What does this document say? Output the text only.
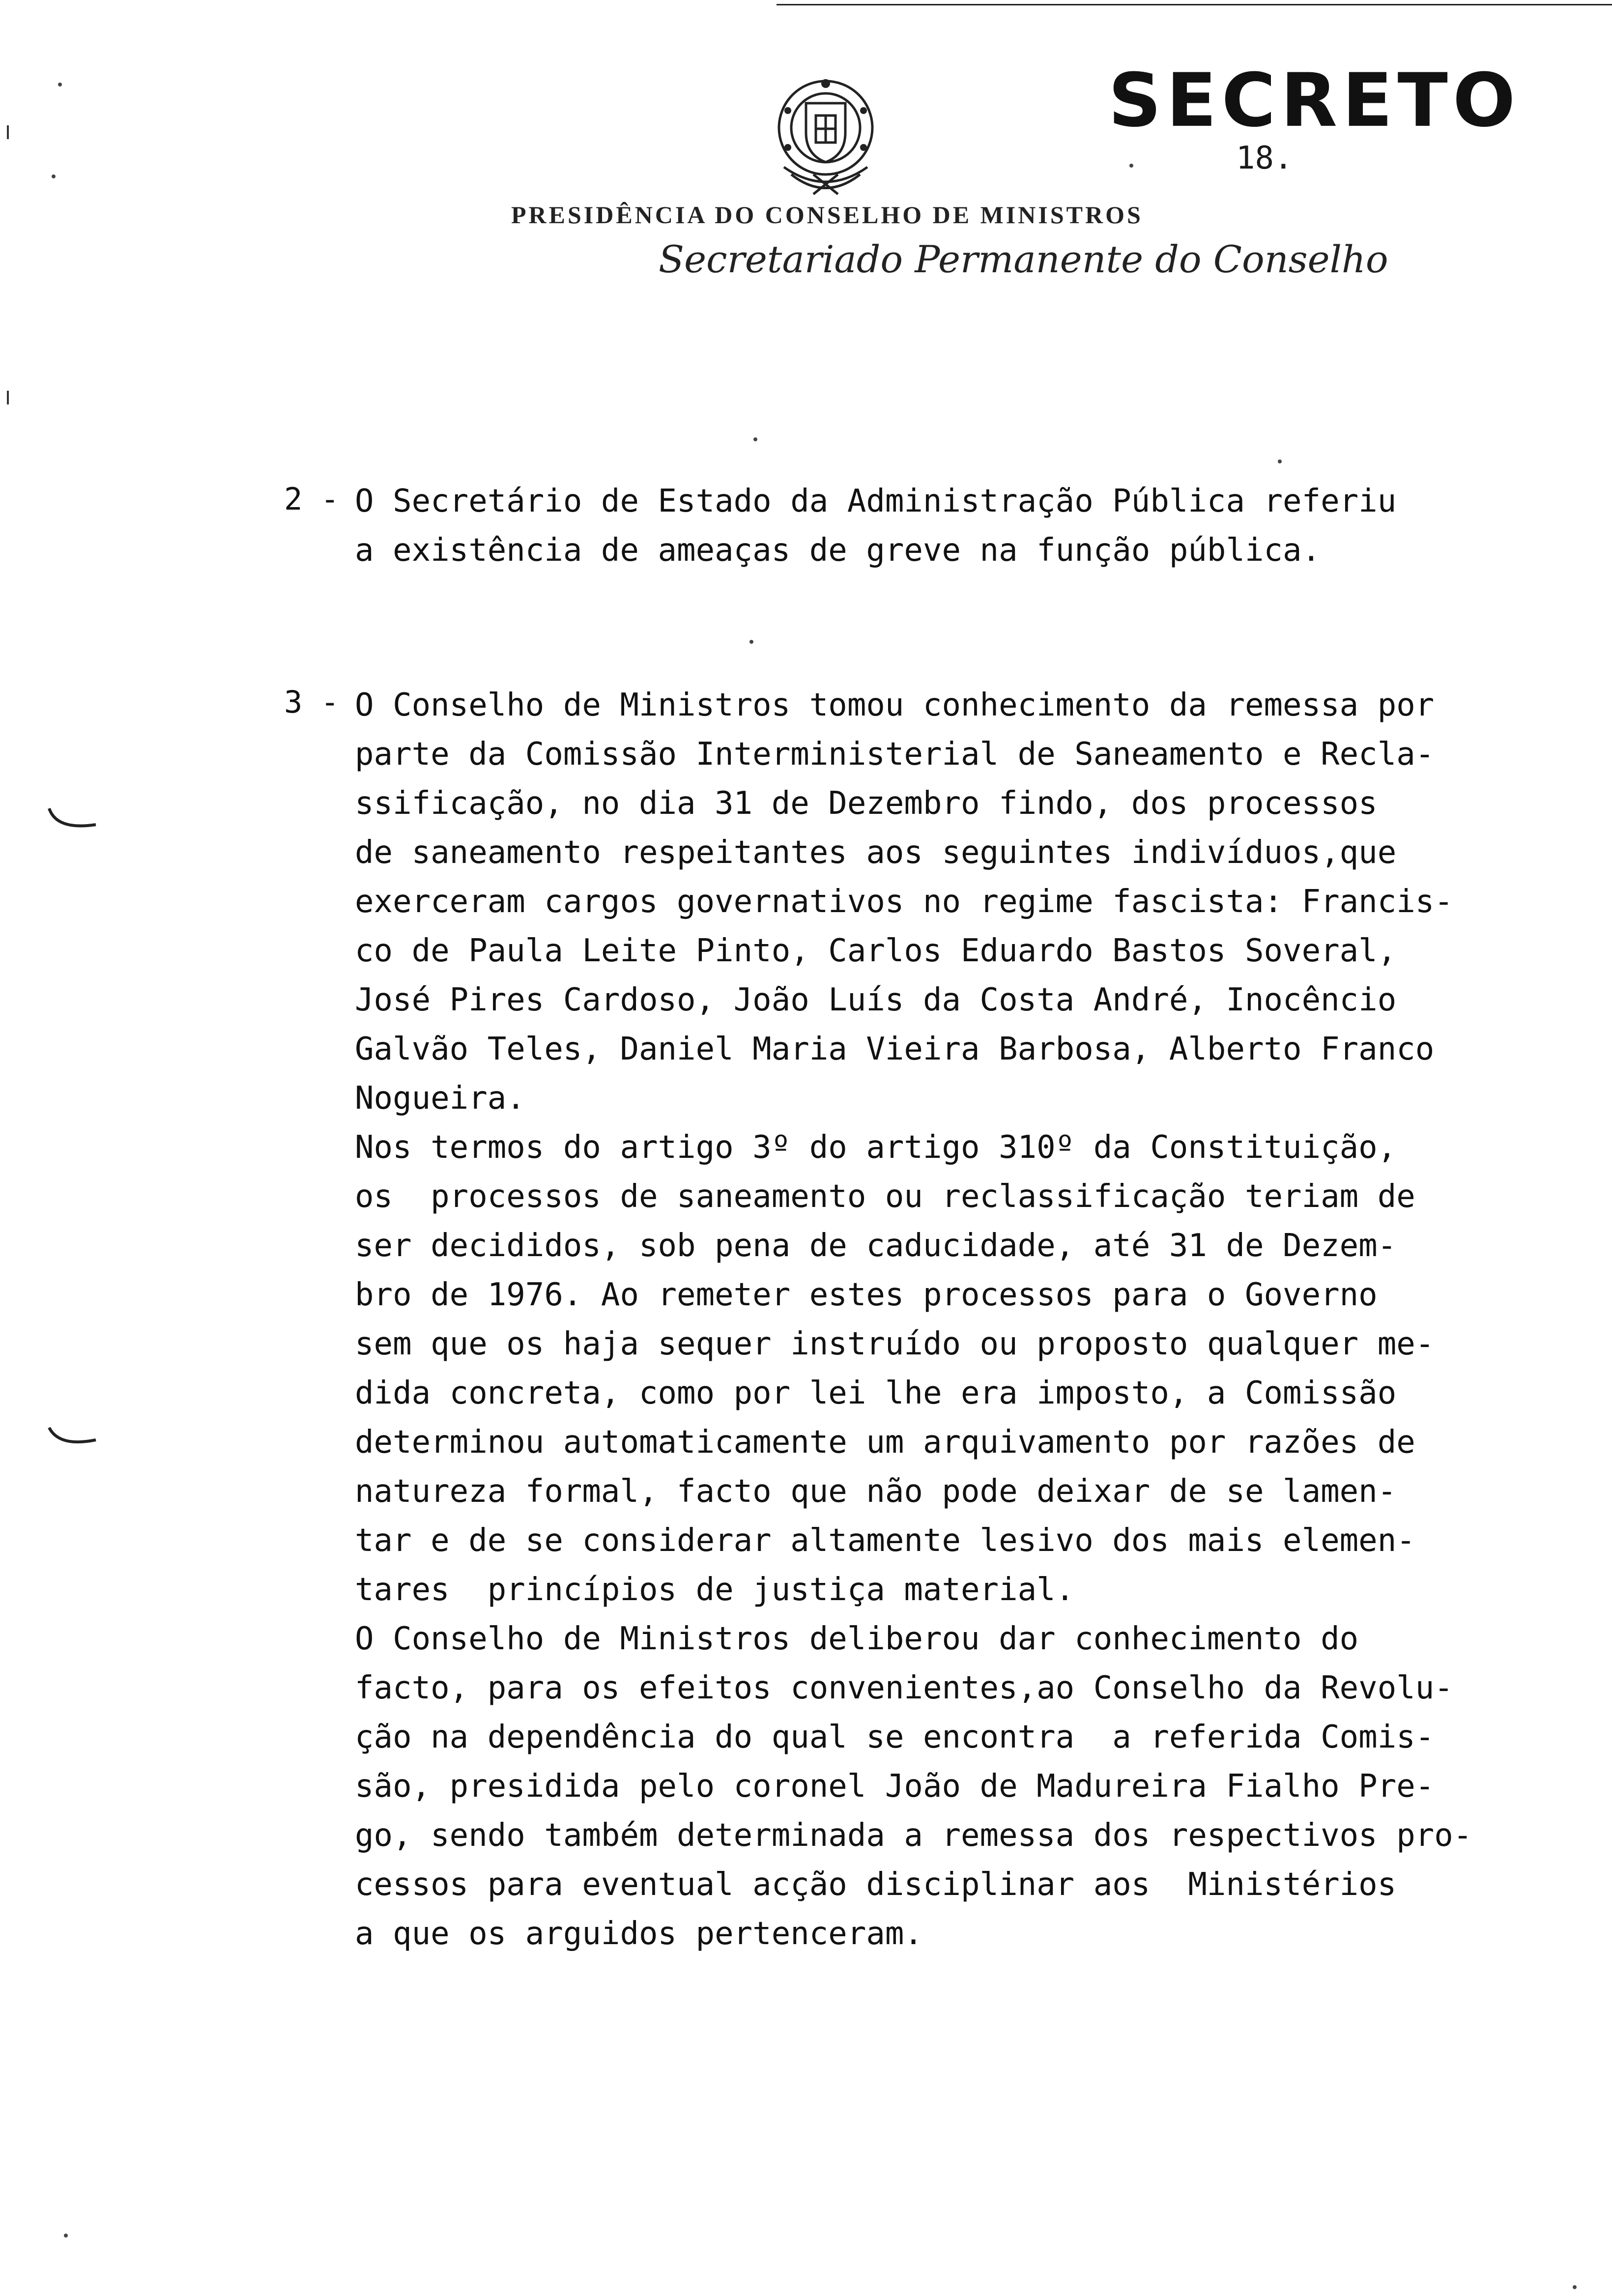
SECRETO
18.
PRESIDÊNCIA DO CONSELHO DE MINISTROS
Secretariado Permanente do Conselho
2 - O Secretário de Estado da Administração Pública referiu
a existência de ameaças de greve na função pública.
3 - O Conselho de Ministros tomou conhecimento da remessa por
parte da Comissão Interministerial de Saneamento e Recla-
ssificação, no dia 31 de Dezembro findo, dos processos
de saneamento respeitantes aos seguintes indivíduos,que
exerceram cargos governativos no regime fascista: Francis-
co de Paula Leite Pinto, Carlos Eduardo Bastos Soveral,
José Pires Cardoso, João Luís da Costa André, Inocêncio
Galvão Teles, Daniel Maria Vieira Barbosa, Alberto Franco
Nogueira.
Nos termos do artigo 3º do artigo 310º da Constituição,
os  processos de saneamento ou reclassificação teriam de
ser decididos, sob pena de caducidade, até 31 de Dezem-
bro de 1976. Ao remeter estes processos para o Governo
sem que os haja sequer instruído ou proposto qualquer me-
dida concreta, como por lei lhe era imposto, a Comissão
determinou automaticamente um arquivamento por razões de
natureza formal, facto que não pode deixar de se lamen-
tar e de se considerar altamente lesivo dos mais elemen-
tares  princípios de justiça material.
O Conselho de Ministros deliberou dar conhecimento do
facto, para os efeitos convenientes,ao Conselho da Revolu-
ção na dependência do qual se encontra  a referida Comis-
são, presidida pelo coronel João de Madureira Fialho Pre-
go, sendo também determinada a remessa dos respectivos pro-
cessos para eventual acção disciplinar aos  Ministérios
a que os arguidos pertenceram.
